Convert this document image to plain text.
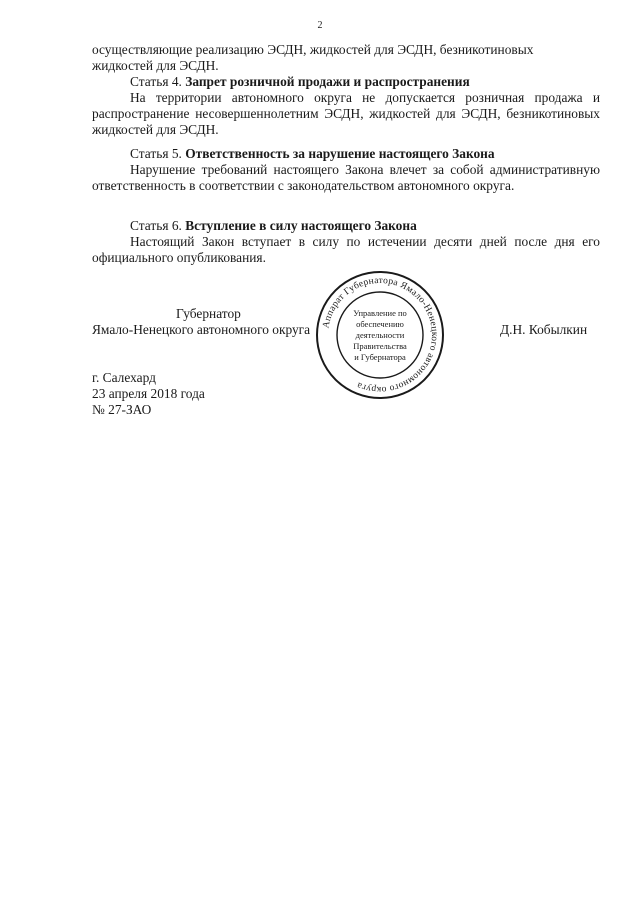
2

осуществляющие реализацию ЭСДН, жидкостей для ЭСДН, безникотиновых

жидкостей для ЭСДН.

Статья 4. Запрет розничной продажи и распространения

На территории автономного округа не допускается розничная продажа и распространение несовершеннолетним ЭСДН, жидкостей для ЭСДН, безникотиновых жидкостей для ЭСДН.

Статья 5. Ответственность за нарушение настоящего Закона

Нарушение требований настоящего Закона влечет за собой административную ответственность в соответствии с законодательством автономного округа.

Статья 6. Вступление в силу настоящего Закона

Настоящий Закон вступает в силу по истечении десяти дней после дня его официального опубликования.

Губернатор
Ямало-Ненецкого автономного округа	Д.Н. Кобылкин
Аппарат Губернатора Ямало-Ненецкого автономного округа
Управление по
обеспечению
деятельности
Правительства
и Губернатора
г. Салехард
23 апреля 2018 года
№ 27-ЗАО
